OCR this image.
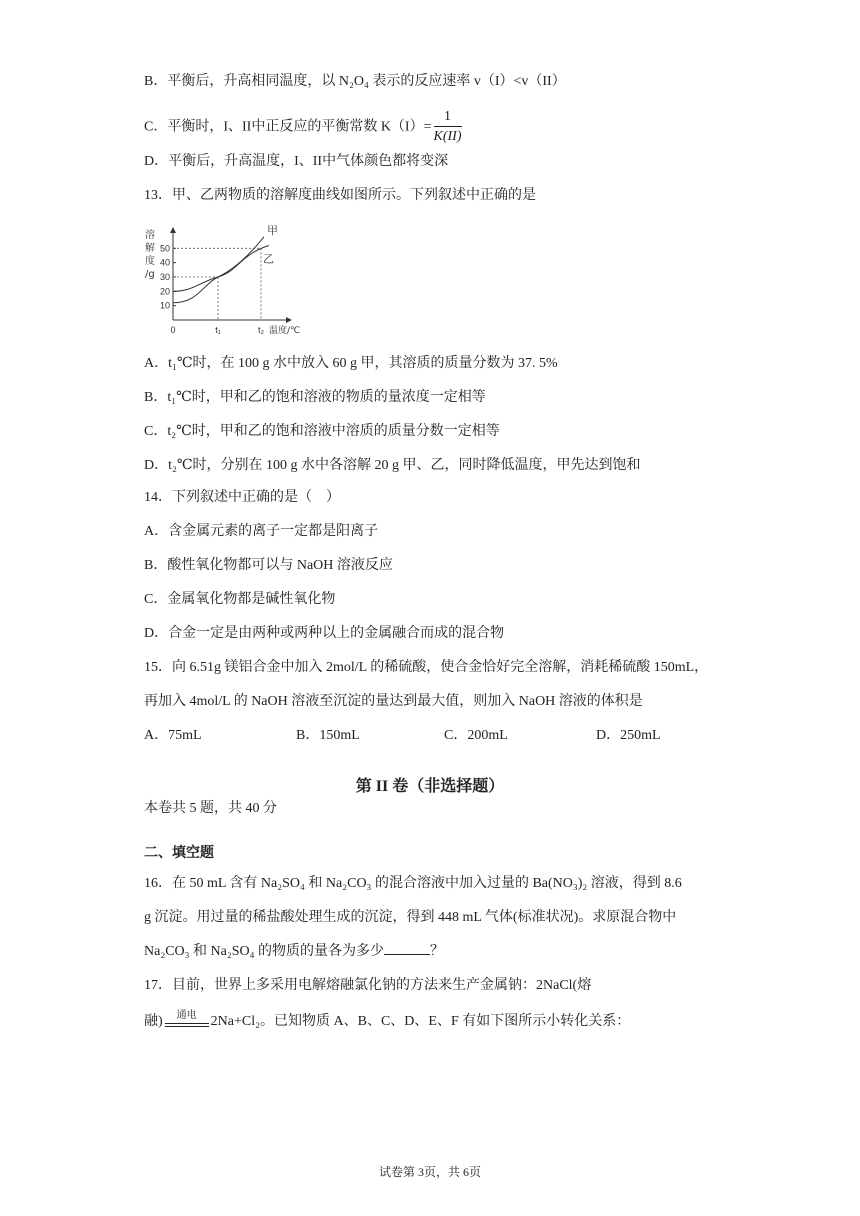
B．平衡后，升高相同温度，以 N₂O₄ 表示的反应速率 v（I）<v（II）
C．平衡时，I、II中正反应的平衡常数 $K(I)= \frac{1}{K(II)}$
D．平衡后，升高温度，I、II中气体颜色都将变深
13．甲、乙两物质的溶解度曲线如图所示。下列叙述中正确的是
10
20
30
40
50
0	t₁	t₂
溶
解
度
/g
温度/℃
甲
乙
A．t₁℃时，在 100 g 水中放入 60 g 甲，其溶质的质量分数为 37. 5%
B．t₁℃时，甲和乙的饱和溶液的物质的量浓度一定相等
C．t₂℃时，甲和乙的饱和溶液中溶质的质量分数一定相等
D．t₂℃时，分别在 100 g 水中各溶解 20 g 甲、乙，同时降低温度，甲先达到饱和
14．下列叙述中正确的是（　）
A．含金属元素的离子一定都是阳离子
B．酸性氧化物都可以与 NaOH 溶液反应
C．金属氧化物都是碱性氧化物
D．合金一定是由两种或两种以上的金属融合而成的混合物
15．向 6.51g 镁铝合金中加入 2mol/L 的稀硫酸，使合金恰好完全溶解，消耗稀硫酸 150mL，
再加入 4mol/L 的 NaOH 溶液至沉淀的量达到最大值，则加入 NaOH 溶液的体积是
A．75mL	B．150mL	C．200mL	D．250mL
第 II 卷（非选择题）
本卷共 5 题，共 40 分
二、填空题
16．在 50 mL 含有 Na₂SO₄ 和 Na₂CO₃ 的混合溶液中加入过量的 Ba(NO₃)₂ 溶液，得到 8.6
g 沉淀。用过量的稀盐酸处理生成的沉淀，得到 448 mL 气体(标准状况)。求原混合物中
Na₂CO₃ 和 Na₂SO₄ 的物质的量各为多少	？
17．目前，世界上多采用电解熔融氯化钠的方法来生产金属钠：2NaCl(熔
融)	通电	2Na+Cl₂。已知物质 A、B、C、D、E、F 有如下图所示小转化关系：
试卷第 3页，共 6页
